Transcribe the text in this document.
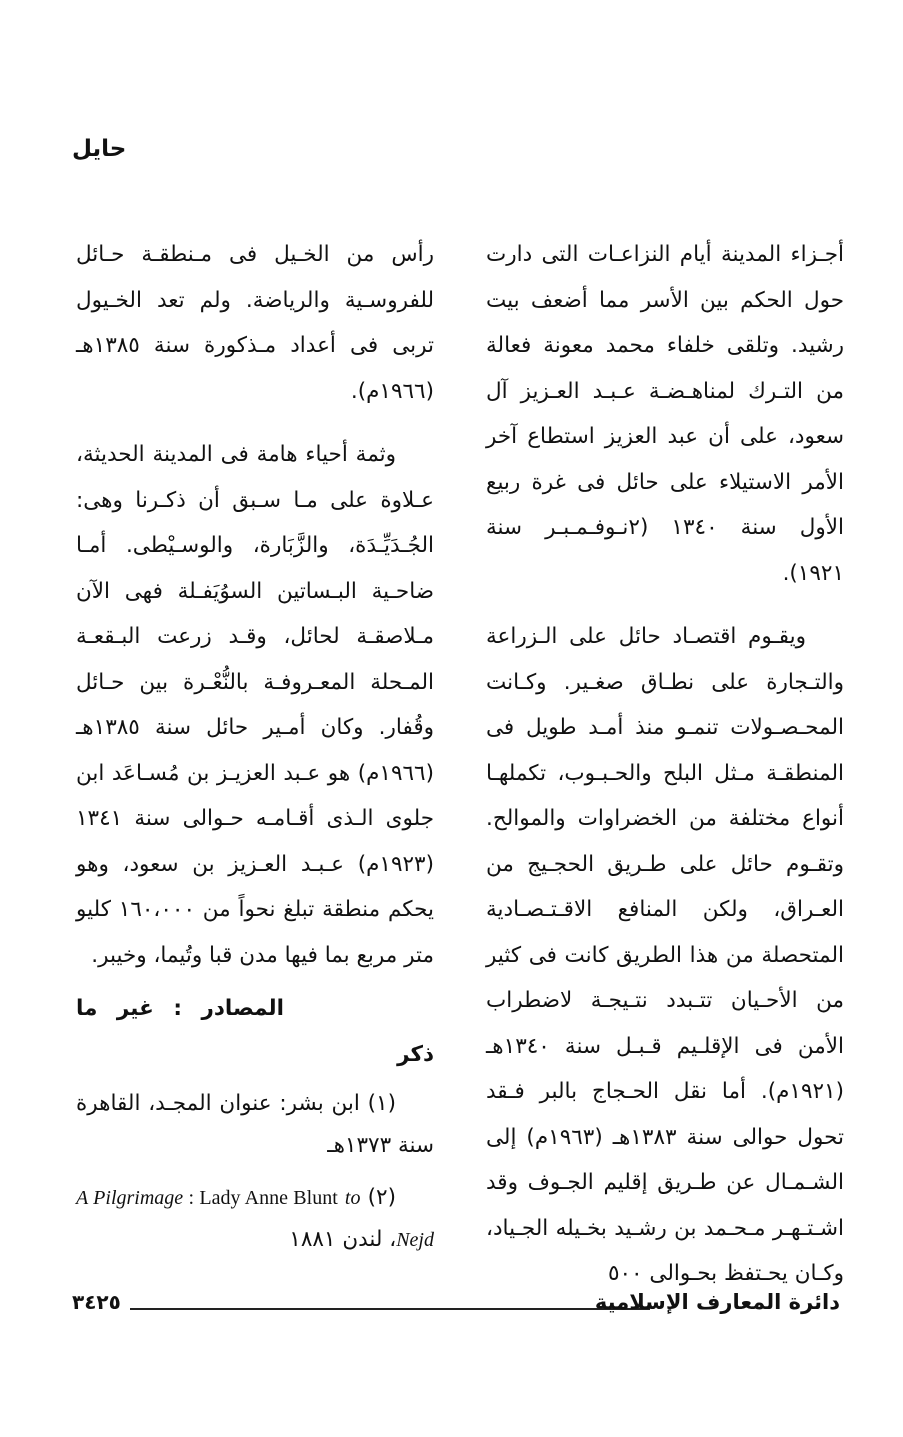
حايل

أجـزاء المدينة أيام النزاعـات التى دارت حول الحكم بين الأسر مما أضعف بيت رشيد. وتلقى خلفاء محمد معونة فعالة من التـرك لمناهـضـة عـبـد العـزيز آل سعود، على أن عبد العزيز استطاع آخر الأمر الاستيلاء على حائل فى غرة ربيع الأول سنة ١٣٤٠ (٢نـوفـمـبـر سنة ١٩٢١).

ويقـوم اقتصـاد حائل على الـزراعة والتـجارة على نطـاق صغـير. وكـانت المحـصـولات تنمـو منذ أمـد طويل فى المنطقـة مـثل البلح والحـبـوب، تكملهـا أنواع مختلفة من الخضراوات والموالح. وتقـوم حائل على طـريق الحجـيج من العـراق، ولكن المنافع الاقـتـصـادية المتحصلة من هذا الطريق كانت فى كثير من الأحـيان تتـبدد نتـيجـة لاضطراب الأمن فى الإقلـيم قـبـل سنة ١٣٤٠هـ (١٩٢١م). أما نقل الحـجاج بالبر فـقد تحول حوالى سنة ١٣٨٣هـ (١٩٦٣م) إلى الشـمـال عن طـريق إقليم الجـوف وقد اشـتـهـر مـحـمد بن رشـيد بخـيله الجـياد، وكـان يحـتفظ بحـوالى ٥٠٠

رأس من الخـيل فى مـنطقـة حـائل للفروسـية والرياضة. ولم تعد الخـيول تربى فى أعداد مـذكورة سنة ١٣٨٥هـ (١٩٦٦م).

وثمة أحياء هامة فى المدينة الحديثة، عـلاوة على مـا سـبق أن ذكـرنا وهى: الجُـدَيِّـدَة، والزَّبَارة، والوسـيْطى. أمـا ضاحـية البـساتين السوُيَفـلة فهى الآن مـلاصقـة لحائل، وقـد زرعت البـقعـة المـحلة المعـروفـة بالنُّعْـرة بين حـائل وقُفار. وكان أمـير حائل سنة ١٣٨٥هـ (١٩٦٦م) هو عـبد العزيـز بن مُسـاعَد ابن جلوى الـذى أقـامـه حـوالى سنة ١٣٤١ (١٩٢٣م) عـبـد العـزيز بن سعود، وهو يحكم منطقة تبلغ نحواً من ١٦٠،٠٠٠ كليو متر مربع بما فيها مدن قبا وتُيما، وخيبر.

المصادر : غير ما ذكر

(١) ابن بشر: عنوان المجـد، القاهرة سنة ١٣٧٣هـ

(٢) A Pilgrimage : Lady Anne Blunt to Nejd، لندن ١٨٨١

٣٤٢٥	دائرة المعارف الإسلامية
